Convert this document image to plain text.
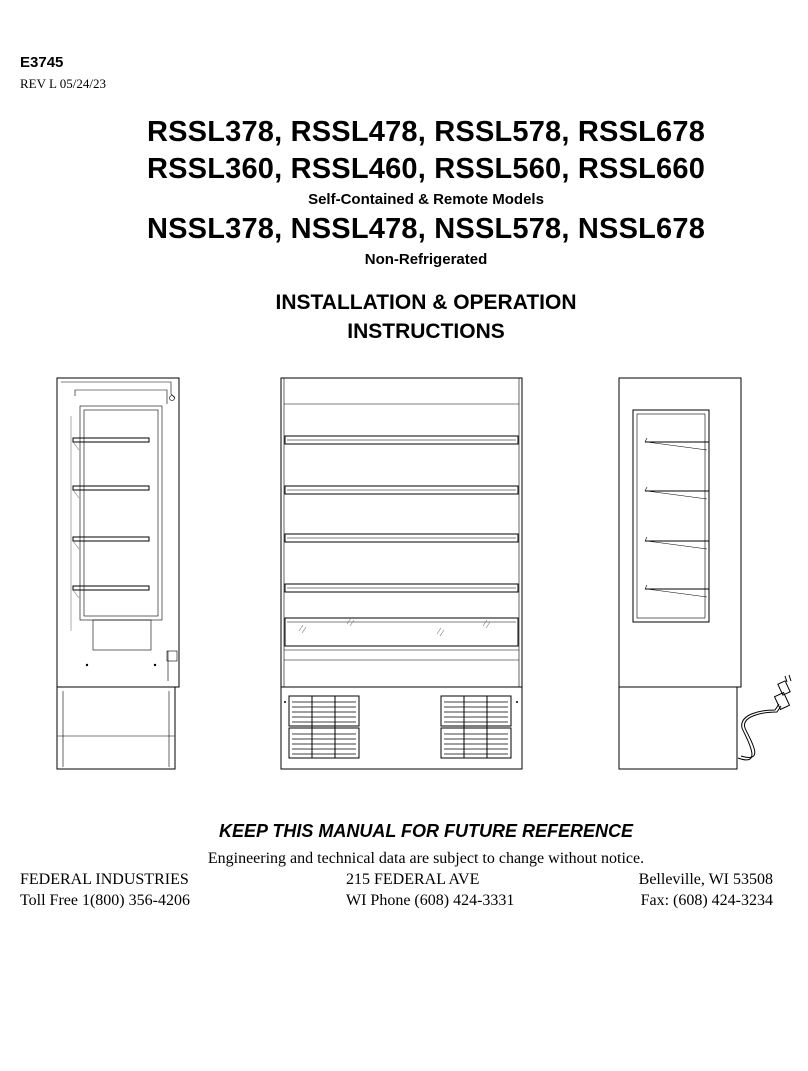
E3745
REV L 05/24/23
RSSL378, RSSL478, RSSL578, RSSL678
RSSL360, RSSL460, RSSL560, RSSL660
Self-Contained & Remote Models
NSSL378, NSSL478, NSSL578, NSSL678
Non-Refrigerated
INSTALLATION & OPERATION
INSTRUCTIONS
KEEP THIS MANUAL FOR FUTURE REFERENCE
Engineering and technical data are subject to change without notice.
FEDERAL INDUSTRIES	215 FEDERAL AVE	Belleville, WI 53508
Toll Free 1(800) 356-4206	WI Phone (608) 424-3331	Fax: (608) 424-3234
